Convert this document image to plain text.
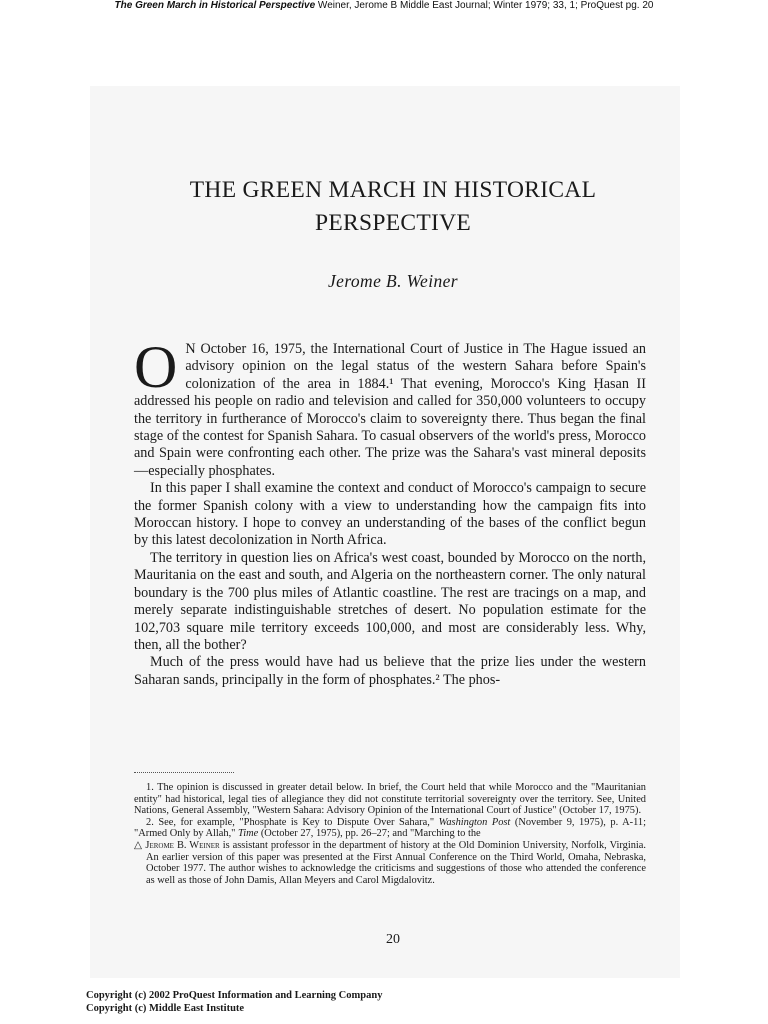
The Green March in Historical Perspective Weiner, Jerome B Middle East Journal; Winter 1979; 33, 1; ProQuest pg. 20
THE GREEN MARCH IN HISTORICAL
PERSPECTIVE
Jerome B. Weiner

O N October 16, 1975, the International Court of Justice in The Hague issued an advisory opinion on the legal status of the western Sahara before Spain's colonization of the area in 1884.¹ That evening, Morocco's King Ḥasan II addressed his people on radio and television and called for 350,000 volunteers to occupy the territory in furtherance of Morocco's claim to sovereignty there. Thus began the final stage of the contest for Spanish Sahara. To casual observers of the world's press, Morocco and Spain were confronting each other. The prize was the Sahara's vast mineral deposits—especially phosphates.

In this paper I shall examine the context and conduct of Morocco's campaign to secure the former Spanish colony with a view to understanding how the campaign fits into Moroccan history. I hope to convey an understanding of the bases of the conflict begun by this latest decolonization in North Africa.

The territory in question lies on Africa's west coast, bounded by Morocco on the north, Mauritania on the east and south, and Algeria on the northeastern corner. The only natural boundary is the 700 plus miles of Atlantic coastline. The rest are tracings on a map, and merely separate indistinguishable stretches of desert. No population estimate for the 102,703 square mile territory exceeds 100,000, and most are considerably less. Why, then, all the bother?

Much of the press would have had us believe that the prize lies under the western Saharan sands, principally in the form of phosphates.² The phos-

1. The opinion is discussed in greater detail below. In brief, the Court held that while Morocco and the "Mauritanian entity" had historical, legal ties of allegiance they did not constitute territorial sovereignty over the territory. See, United Nations, General Assembly, "Western Sahara: Advisory Opinion of the International Court of Justice" (October 17, 1975).

2. See, for example, "Phosphate is Key to Dispute Over Sahara," Washington Post (November 9, 1975), p. A-11; "Armed Only by Allah," Time (October 27, 1975), pp. 26–27; and "Marching to the

△ Jerome B. Weiner is assistant professor in the department of history at the Old Dominion University, Norfolk, Virginia. An earlier version of this paper was presented at the First Annual Conference on the Third World, Omaha, Nebraska, October 1977. The author wishes to acknowledge the criticisms and suggestions of those who attended the conference as well as those of John Damis, Allan Meyers and Carol Migdalovitz.

20
Copyright (c) 2002 ProQuest Information and Learning Company
Copyright (c) Middle East Institute
